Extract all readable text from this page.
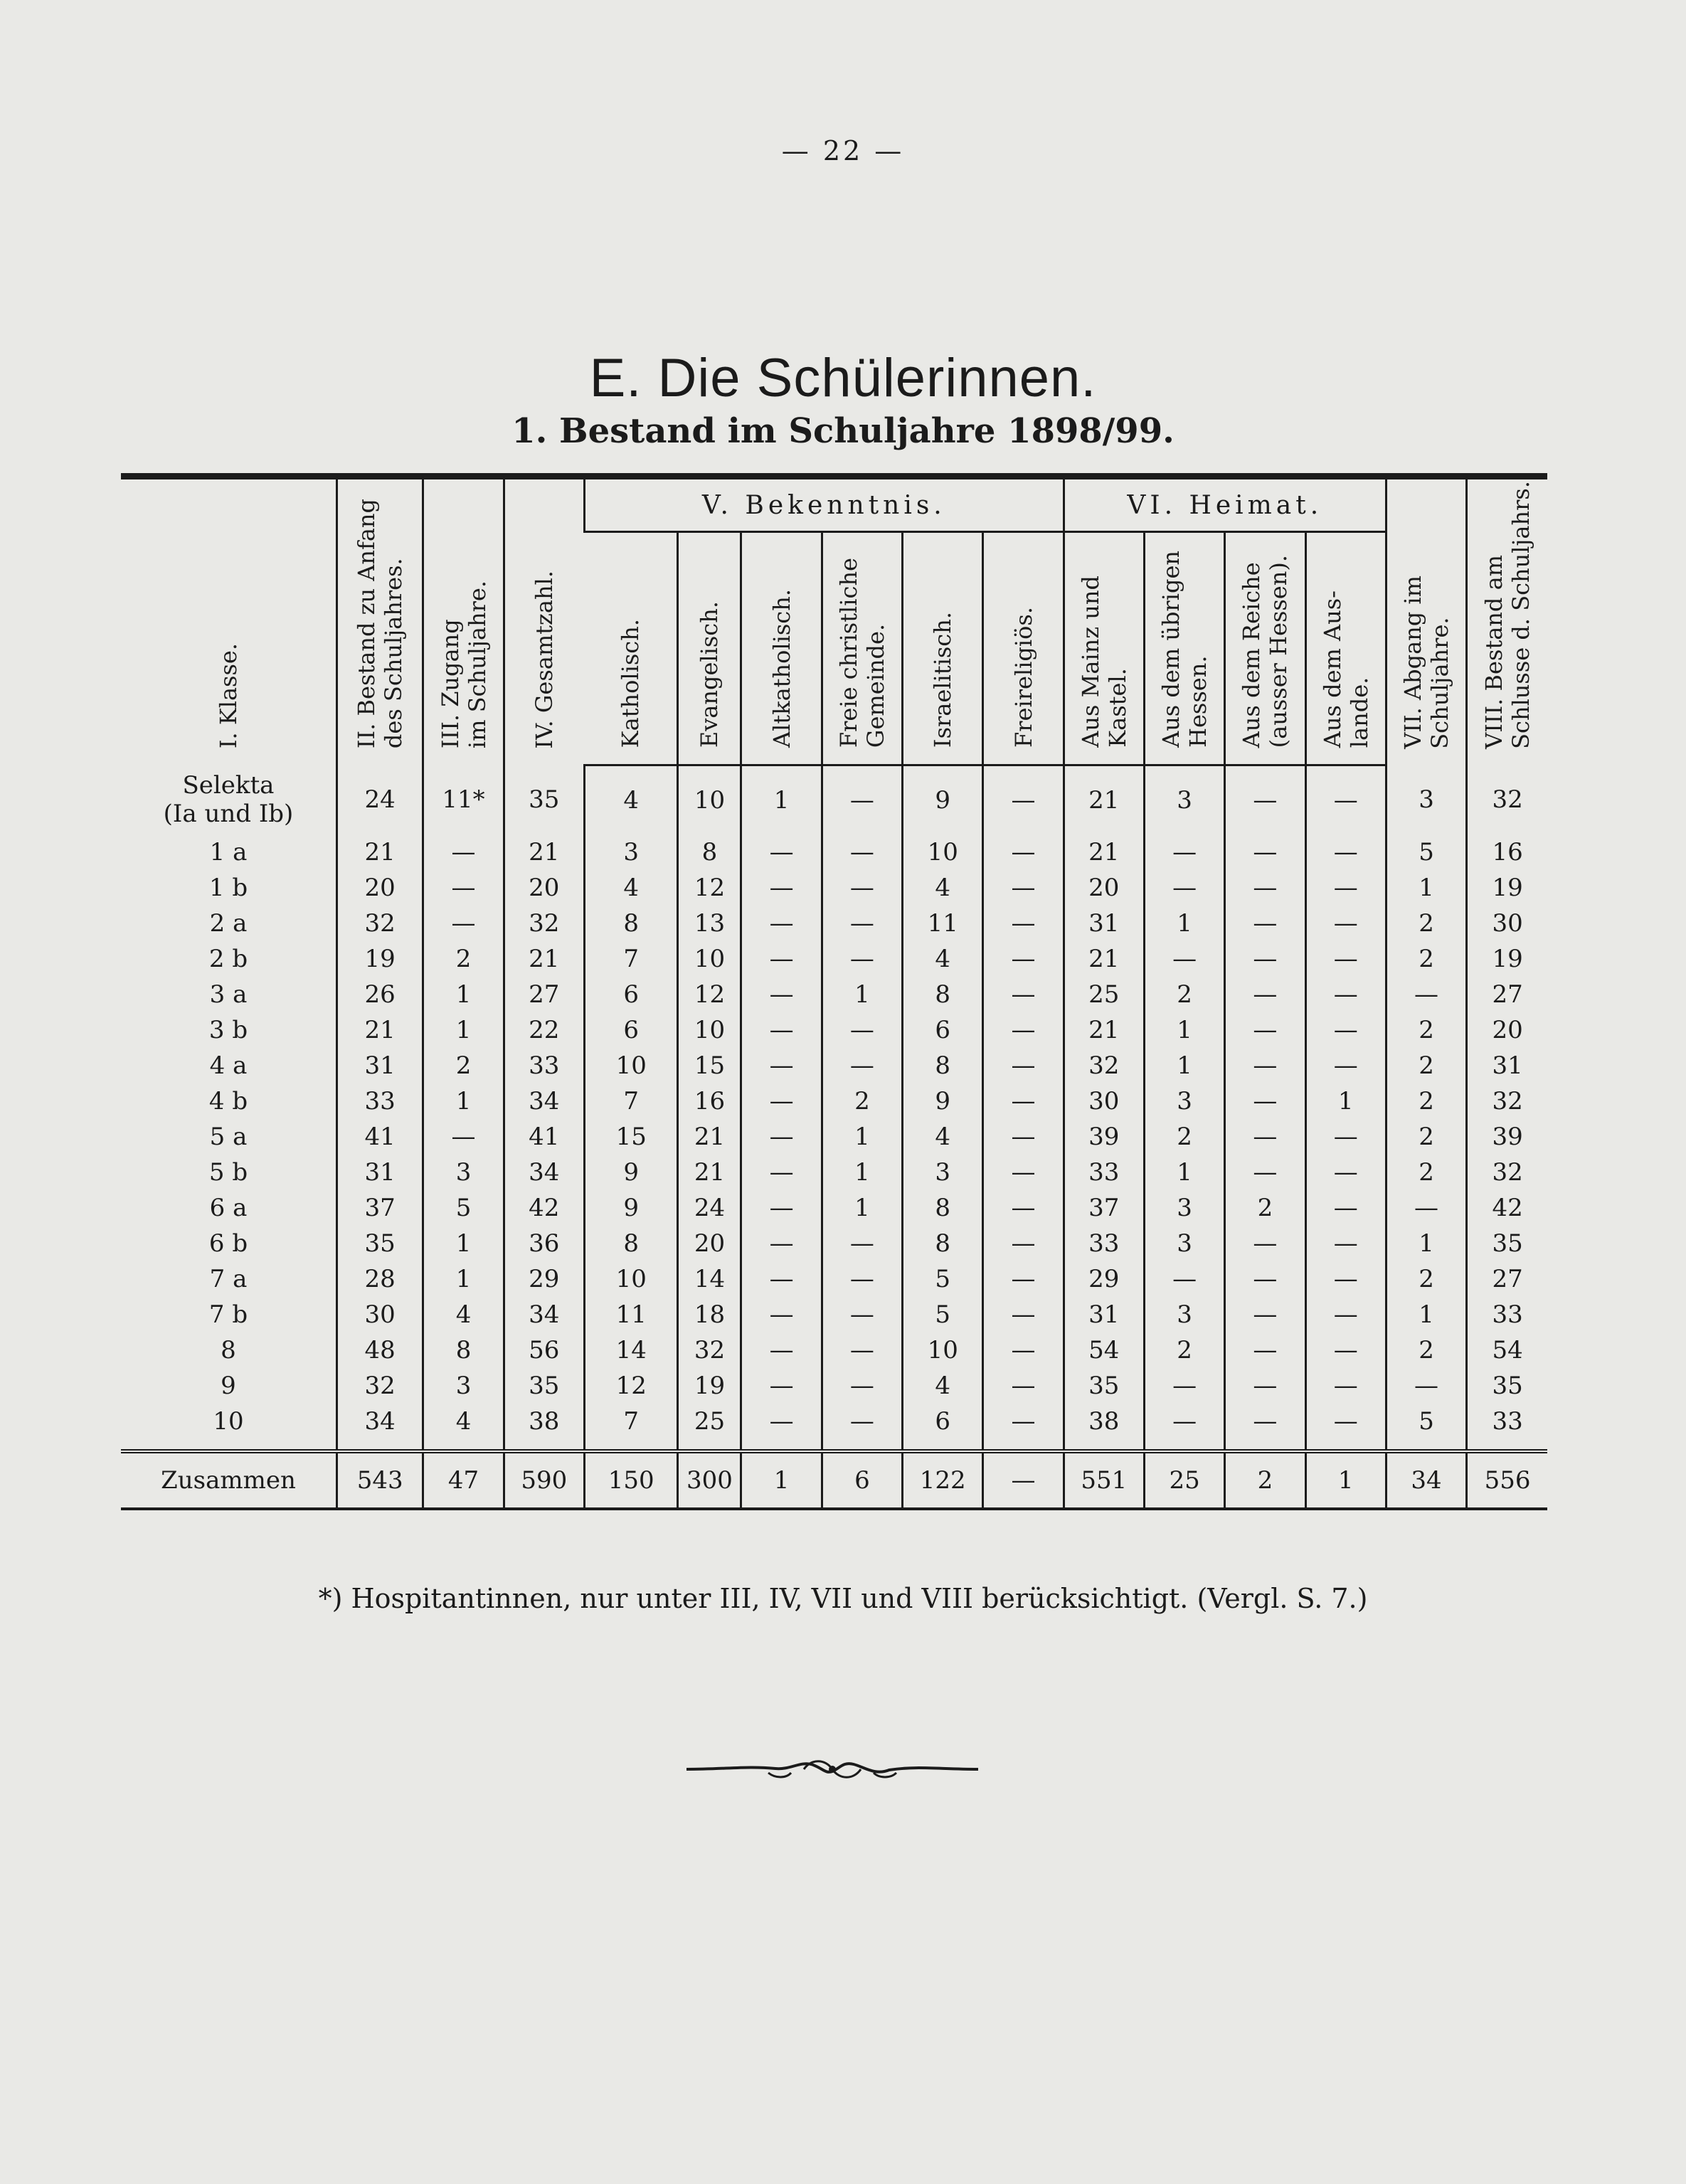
— 22 —
E. Die Schülerinnen.
1. Bestand im Schuljahre 1898/99.
I. Klasse.	II. Bestand zu Anfang
des Schuljahres.	III. Zugang
im Schuljahre.	IV. Gesamtzahl.	V. Bekenntnis.						VI. Heimat.				VII. Abgang im
Schuljahre.	VIII. Bestand am
Schlusse d. Schuljahrs.
				Katholisch.	Evangelisch.	Altkatholisch.	Freie christliche
Gemeinde.	Israelitisch.	Freireligiös.	Aus Mainz und
Kastel.	Aus dem übrigen
Hessen.	Aus dem Reiche
(ausser Hessen).	Aus dem Aus-
lande.		
Selekta
(Ia und Ib)	24	11*	35	4	10	1	—	9	—	21	3	—	—	3	32
1 a	21	—	21	3	8	—	—	10	—	21	—	—	—	5	16
1 b	20	—	20	4	12	—	—	4	—	20	—	—	—	1	19
2 a	32	—	32	8	13	—	—	11	—	31	1	—	—	2	30
2 b	19	2	21	7	10	—	—	4	—	21	—	—	—	2	19
3 a	26	1	27	6	12	—	1	8	—	25	2	—	—	—	27
3 b	21	1	22	6	10	—	—	6	—	21	1	—	—	2	20
4 a	31	2	33	10	15	—	—	8	—	32	1	—	—	2	31
4 b	33	1	34	7	16	—	2	9	—	30	3	—	1	2	32
5 a	41	—	41	15	21	—	1	4	—	39	2	—	—	2	39
5 b	31	3	34	9	21	—	1	3	—	33	1	—	—	2	32
6 a	37	5	42	9	24	—	1	8	—	37	3	2	—	—	42
6 b	35	1	36	8	20	—	—	8	—	33	3	—	—	1	35
7 a	28	1	29	10	14	—	—	5	—	29	—	—	—	2	27
7 b	30	4	34	11	18	—	—	5	—	31	3	—	—	1	33
8	48	8	56	14	32	—	—	10	—	54	2	—	—	2	54
9	32	3	35	12	19	—	—	4	—	35	—	—	—	—	35
10	34	4	38	7	25	—	—	6	—	38	—	—	—	5	33

Zusammen	543	47	590	150	300	1	6	122	—	551	25	2	1	34	556
*) Hospitantinnen, nur unter III, IV, VII und VIII berücksichtigt. (Vergl. S. 7.)
